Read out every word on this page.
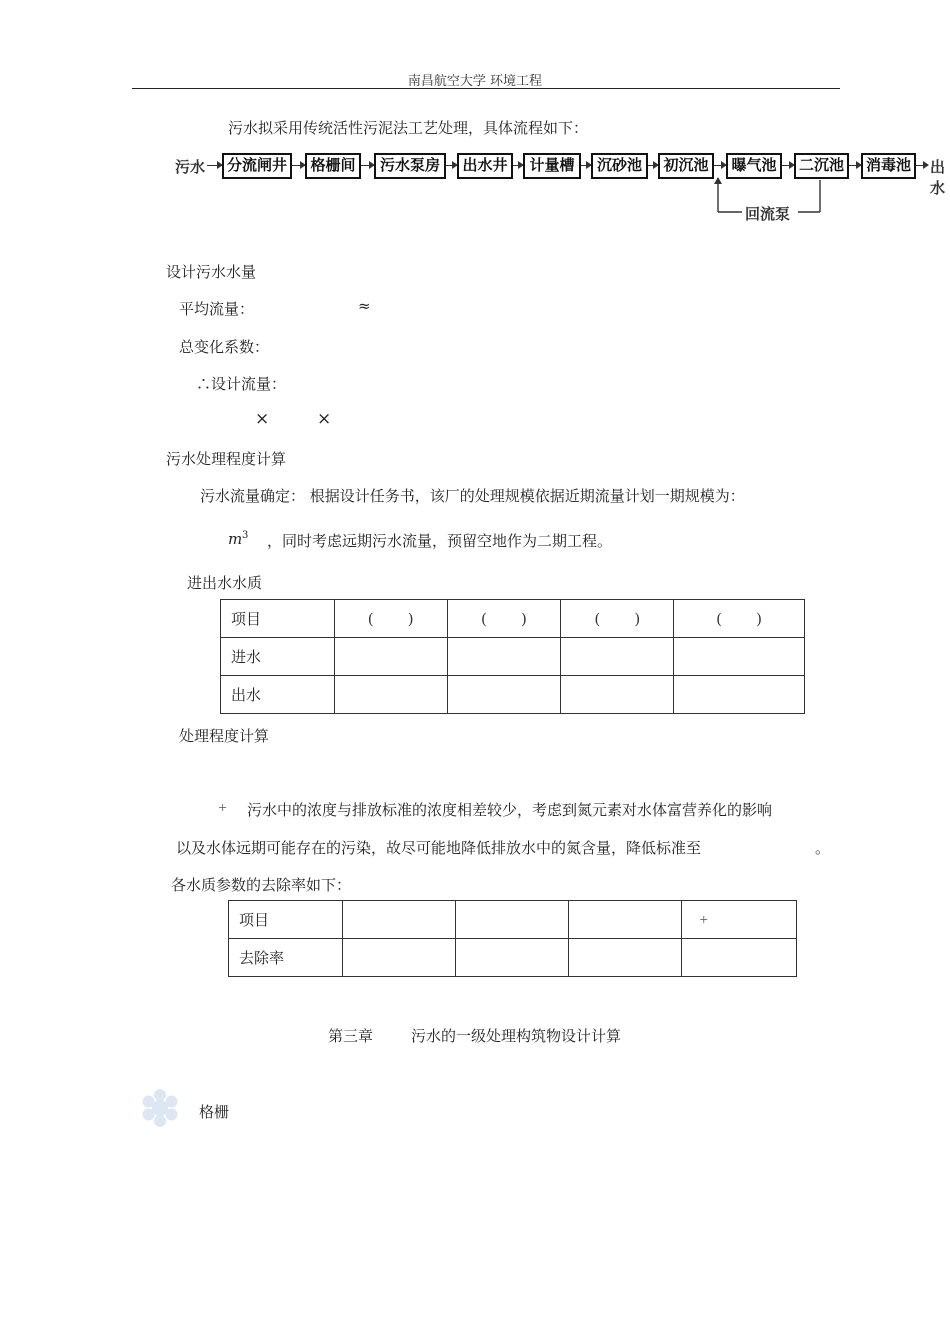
南昌航空大学 环境工程
污水拟采用传统活性污泥法工艺处理，具体流程如下：
污水	分流闸井	格栅间	污水泵房	出水井	计量槽	沉砂池	初沉池	曝气池	二沉池	消毒池	出水
回流泵
设计污水水量
平均流量：	≈
总变化系数：
∴设计流量：
×	×
污水处理程度计算
污水流量确定： 根据设计任务书，该厂的处理规模依据近期流量计划一期规模为：
m 3 ，同时考虑远期污水流量，预留空地作为二期工程。
进出水水质
项目	( )	( )	( )	( )
进水				
出水				
处理程度计算
+ 污水中的浓度与排放标准的浓度相差较少，考虑到氮元素对水体富营养化的影响
以及水体远期可能存在的污染，故尽可能地降低排放水中的氮含量，降低标准至	。
各水质参数的去除率如下：
项目				+
去除率				
第三章	污水的一级处理构筑物设计计算
格栅
